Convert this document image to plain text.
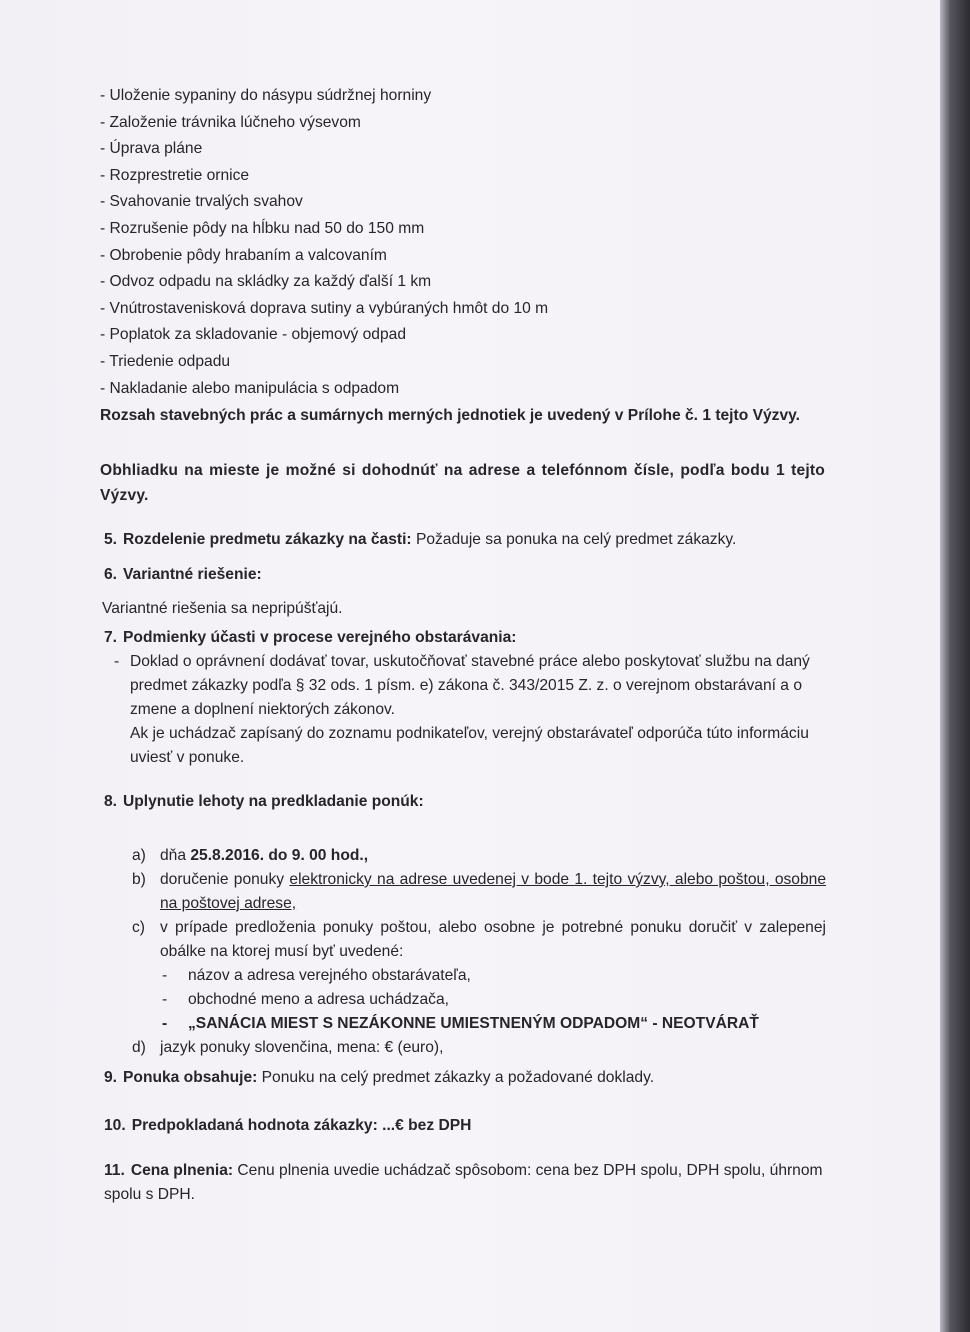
- Uloženie sypaniny do násypu súdržnej horniny
- Založenie trávnika lúčneho výsevom
- Úprava pláne
- Rozprestretie ornice
- Svahovanie trvalých svahov
- Rozrušenie pôdy na hĺbku nad 50 do 150 mm
- Obrobenie pôdy hrabaním a valcovaním
- Odvoz odpadu na skládky za každý ďalší 1 km
- Vnútrostavenisková doprava sutiny a vybúraných hmôt do 10 m
- Poplatok za skladovanie - objemový odpad
- Triedenie odpadu
- Nakladanie alebo manipulácia s odpadom
Rozsah stavebných prác a sumárnych merných jednotiek je uvedený v Prílohe č. 1 tejto Výzvy.
Obhliadku na mieste je možné si dohodnúť na adrese a telefónnom čísle, podľa bodu 1 tejto Výzvy.
5. Rozdelenie predmetu zákazky na časti: Požaduje sa ponuka na celý predmet zákazky.
6. Variantné riešenie:
Variantné riešenia sa nepripúšťajú.
7. Podmienky účasti v procese verejného obstarávania:
- Doklad o oprávnení dodávať tovar, uskutočňovať stavebné práce alebo poskytovať službu na daný predmet zákazky podľa § 32 ods. 1 písm. e) zákona č. 343/2015 Z. z. o verejnom obstarávaní a o zmene a doplnení niektorých zákonov.
Ak je uchádzač zapísaný do zoznamu podnikateľov, verejný obstarávateľ odporúča túto informáciu uviesť v ponuke.
8. Uplynutie lehoty na predkladanie ponúk:
a) dňa 25.8.2016. do 9. 00 hod.,
b) doručenie ponuky elektronicky na adrese uvedenej v bode 1. tejto výzvy, alebo poštou, osobne na poštovej adrese,
c) v prípade predloženia ponuky poštou, alebo osobne je potrebné ponuku doručiť v zalepenej obálke na ktorej musí byť uvedené:
- názov a adresa verejného obstarávateľa,
- obchodné meno a adresa uchádzača,
- „SANÁCIA MIEST S NEZÁKONNE UMIESTNENÝM ODPADOM“ - NEOTVÁRAŤ
d) jazyk ponuky slovenčina, mena: € (euro),
9. Ponuka obsahuje: Ponuku na celý predmet zákazky a požadované doklady.
10. Predpokladaná hodnota zákazky: ...€ bez DPH
11. Cena plnenia: Cenu plnenia uvedie uchádzač spôsobom: cena bez DPH spolu, DPH spolu, úhrnom spolu s DPH.
